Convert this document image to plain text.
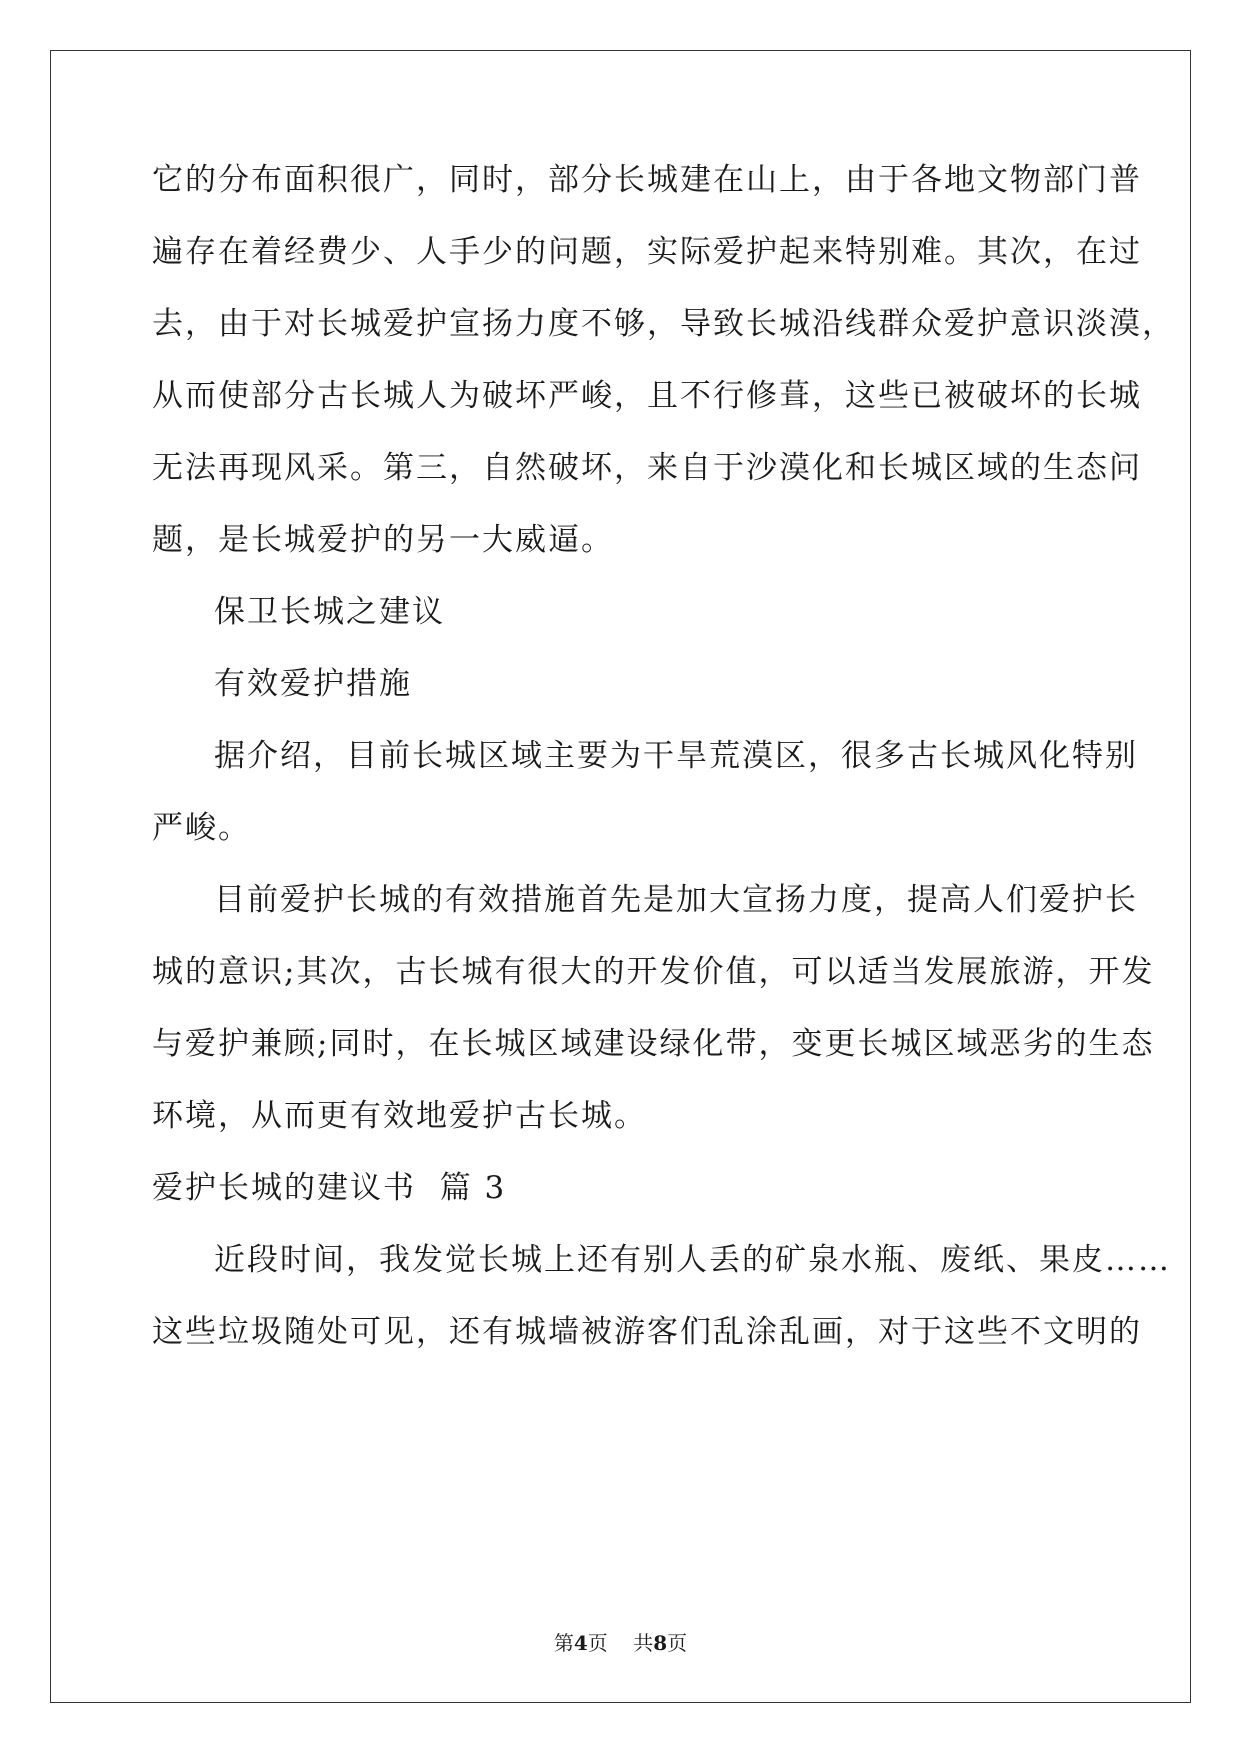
它的分布面积很广，同时，部分长城建在山上，由于各地文物部门普
遍存在着经费少、人手少的问题，实际爱护起来特别难。其次，在过
去，由于对长城爱护宣扬力度不够，导致长城沿线群众爱护意识淡漠，
从而使部分古长城人为破坏严峻，且不行修葺，这些已被破坏的长城
无法再现风采。第三，自然破坏，来自于沙漠化和长城区域的生态问
题，是长城爱护的另一大威逼。
保卫长城之建议
有效爱护措施
据介绍，目前长城区域主要为干旱荒漠区，很多古长城风化特别
严峻。
目前爱护长城的有效措施首先是加大宣扬力度，提高人们爱护长
城的意识;其次，古长城有很大的开发价值，可以适当发展旅游，开发
与爱护兼顾;同时，在长城区域建设绿化带，变更长城区域恶劣的生态
环境，从而更有效地爱护古长城。
爱护长城的建议书  篇 3
近段时间，我发觉长城上还有别人丢的矿泉水瓶、废纸、果皮……
这些垃圾随处可见，还有城墙被游客们乱涂乱画，对于这些不文明的
第4页    共8页
